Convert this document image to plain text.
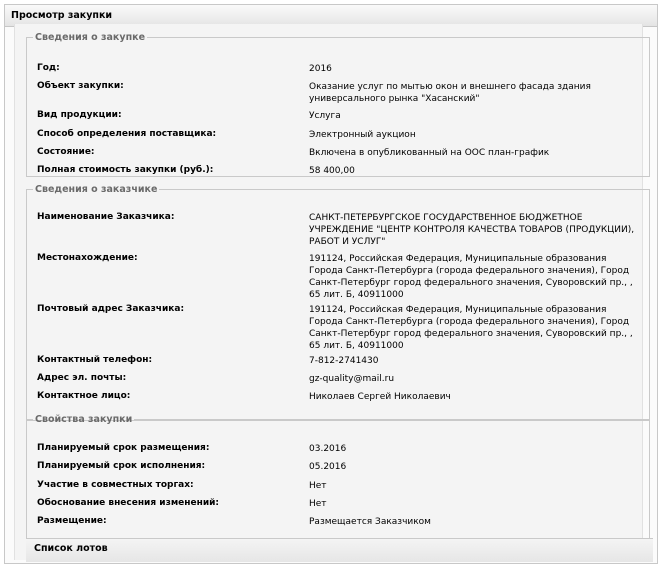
Просмотр закупки
Сведения о закупке
Год:	2016
Объект закупки:	Оказание услуг по мытью окон и внешнего фасада здания универсального рынка "Хасанский"
Вид продукции:	Услуга
Способ определения поставщика:	Электронный аукцион
Состояние:	Включена в опубликованный на ООС план-график
Полная стоимость закупки (руб.):	58 400,00
Сведения о заказчике
Наименование Заказчика:	САНКТ-ПЕТЕРБУРГСКОЕ ГОСУДАРСТВЕННОЕ БЮДЖЕТНОЕ УЧРЕЖДЕНИЕ "ЦЕНТР КОНТРОЛЯ КАЧЕСТВА ТОВАРОВ (ПРОДУКЦИИ), РАБОТ И УСЛУГ"
Местонахождение:	191124, Российская Федерация, Муниципальные образования Города Санкт-Петербурга (города федерального значения), Город Санкт-Петербург город федерального значения, Суворовский пр., , 65 лит. Б, 40911000
Почтовый адрес Заказчика:	191124, Российская Федерация, Муниципальные образования Города Санкт-Петербурга (города федерального значения), Город Санкт-Петербург город федерального значения, Суворовский пр., , 65 лит. Б, 40911000
Контактный телефон:	7-812-2741430
Адрес эл. почты:	gz-quality@mail.ru
Контактное лицо:	Николаев Сергей Николаевич
Свойства закупки
Планируемый срок размещения:	03.2016
Планируемый срок исполнения:	05.2016
Участие в совместных торгах:	Нет
Обоснование внесения изменений:	Нет
Размещение:	Размещается Заказчиком
Список лотов
